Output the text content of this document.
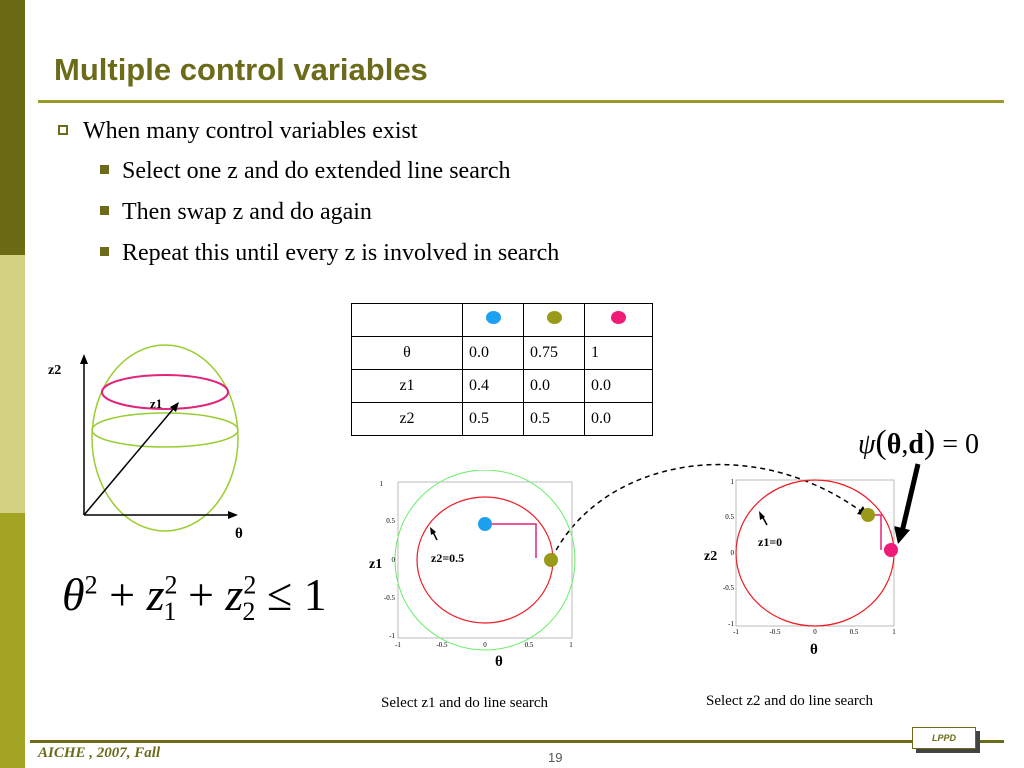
Multiple control variables
When many control variables exist
Select one z and do extended line search
Then swap z and do again
Repeat this until every z is involved in search
z2
z1
θ

θ	0.0	0.75	1
z1	0.4	0.0	0.0
z2	0.5	0.5	0.0
$\theta^2 + z^2_1 + z^2_2 \le 1$
ψ(θ,d) = 0
z2=0.5
1
0.5
0
-0.5
-1
-1	-0.5	0	0.5	1
z1
θ
Select z1 and do line search
z1=0
1
0.5
0
-0.5
-1
-1	-0.5	0	0.5	1
z2
θ
Select z2 and do line search
AICHE , 2007, Fall	19
LPPD
